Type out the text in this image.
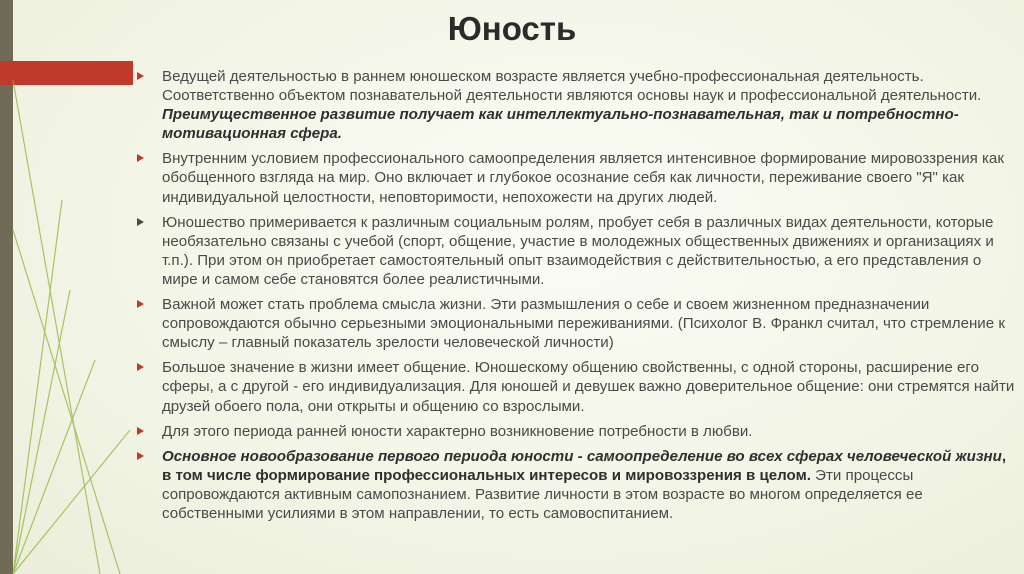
Юность
Ведущей деятельностью в раннем юношеском возрасте является учебно-профессиональная деятельность. Соответственно объектом познавательной деятельности являются основы наук и профессиональной деятельности. Преимущественное развитие получает как интеллектуально-познавательная, так и потребностно-мотивационная сфера.
Внутренним условием профессионального самоопределения является интенсивное формирование мировоззрения как обобщенного взгляда на мир. Оно включает и глубокое осознание себя как личности, переживание своего "Я" как индивидуальной целостности, неповторимости, непохожести на других людей.
Юношество примеривается к различным социальным ролям, пробует себя в различных видах деятельности, которые необязательно связаны с учебой (спорт, общение, участие в молодежных общественных движениях и организациях и т.п.). При этом он приобретает самостоятельный опыт взаимодействия с действительностью, а его представления о мире и самом себе становятся более реалистичными.
Важной может стать проблема смысла жизни. Эти размышления о себе и своем жизненном предназначении сопровождаются обычно серьезными эмоциональными переживаниями. (Психолог В. Франкл считал, что стремление к смыслу – главный показатель зрелости человеческой личности)
Большое значение в жизни имеет общение. Юношескому общению свойственны, с одной стороны, расширение его сферы, а с другой - его индивидуализация. Для юношей и девушек важно доверительное общение: они стремятся найти друзей обоего пола, они открыты и общению со взрослыми.
Для этого периода ранней юности характерно возникновение потребности в любви.
Основное новообразование первого периода юности - самоопределение во всех сферах человеческой жизни, в том числе формирование профессиональных интересов и мировоззрения в целом. Эти процессы сопровождаются активным самопознанием. Развитие личности в этом возрасте во многом определяется ее собственными усилиями в этом направлении, то есть самовоспитанием.
